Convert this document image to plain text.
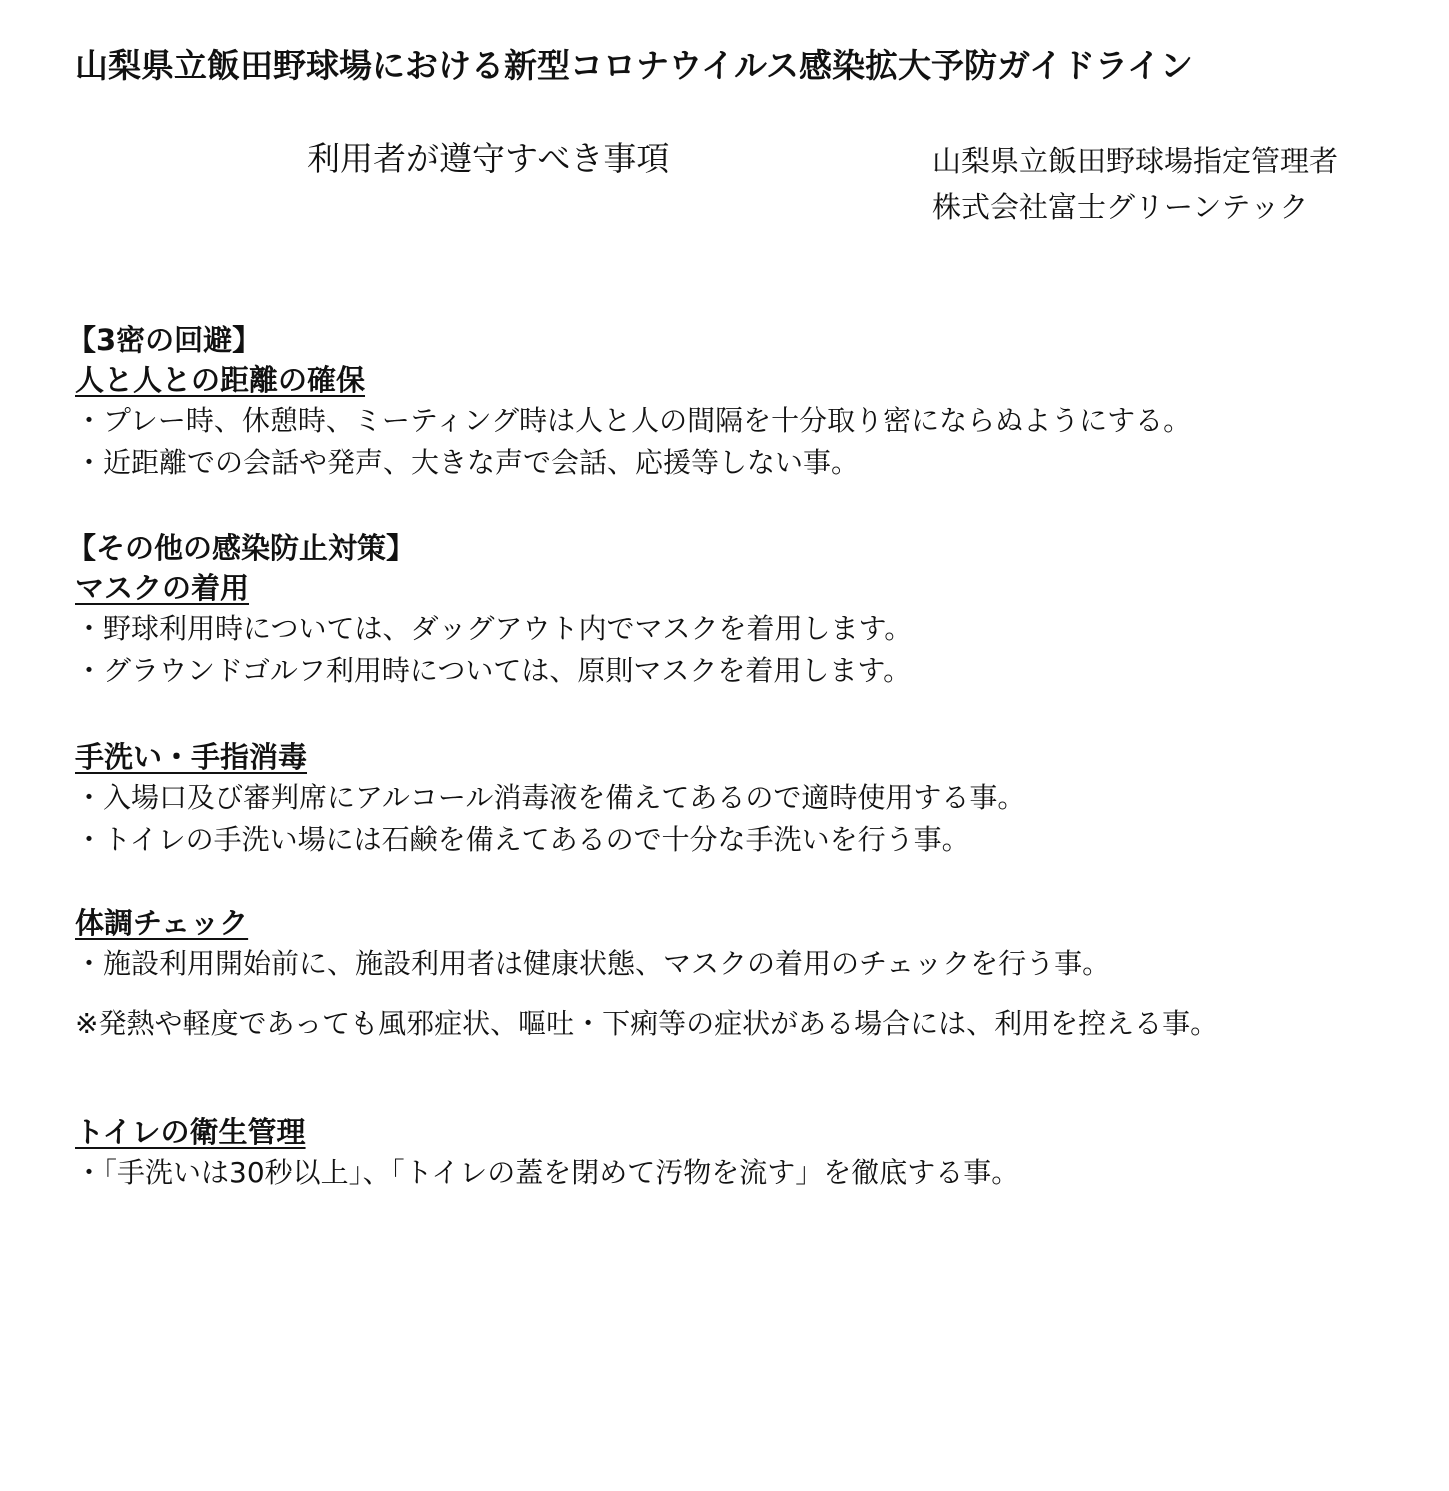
山梨県立飯田野球場における新型コロナウイルス感染拡大予防ガイドライン
利用者が遵守すべき事項	山梨県立飯田野球場指定管理者
株式会社富士グリーンテック
【3密の回避】
人と人との距離の確保
・プレー時、休憩時、ミーティング時は人と人の間隔を十分取り密にならぬようにする。
・近距離での会話や発声、大きな声で会話、応援等しない事。
【その他の感染防止対策】
マスクの着用
・野球利用時については、ダッグアウト内でマスクを着用します。
・グラウンドゴルフ利用時については、原則マスクを着用します。
手洗い・手指消毒
・入場口及び審判席にアルコール消毒液を備えてあるので適時使用する事。
・トイレの手洗い場には石鹸を備えてあるので十分な手洗いを行う事。
体調チェック
・施設利用開始前に、施設利用者は健康状態、マスクの着用のチェックを行う事。
※発熱や軽度であっても風邪症状、嘔吐・下痢等の症状がある場合には、利用を控える事。
トイレの衛生管理
・「手洗いは30秒以上」、「トイレの蓋を閉めて汚物を流す」を徹底する事。
